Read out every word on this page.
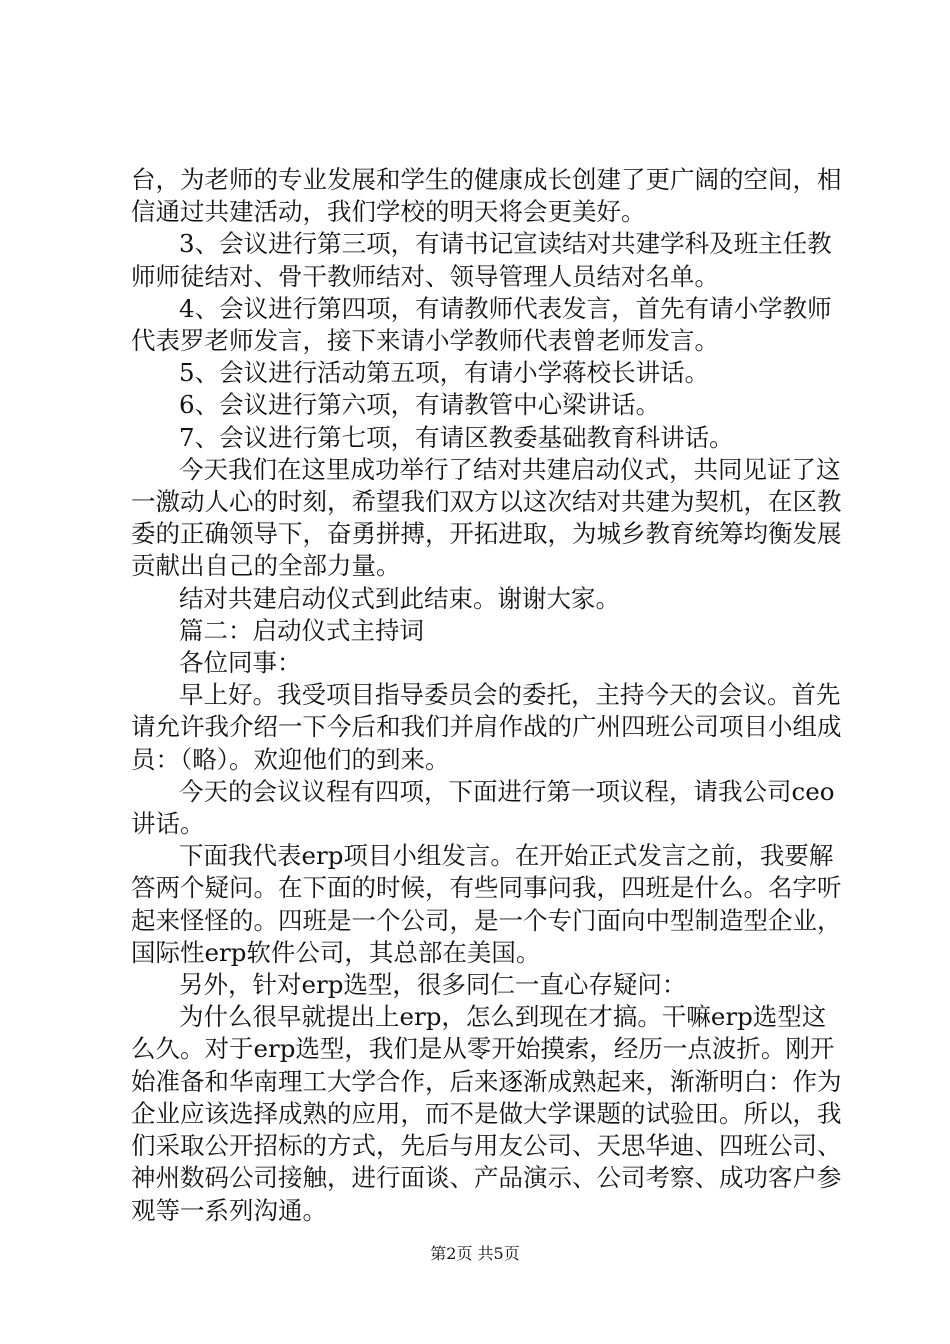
台，为老师的专业发展和学生的健康成长创建了更广阔的空间，相信通过共建活动，我们学校的明天将会更美好。

3、会议进行第三项，有请书记宣读结对共建学科及班主任教师师徒结对、骨干教师结对、领导管理人员结对名单。

4、会议进行第四项，有请教师代表发言，首先有请小学教师代表罗老师发言，接下来请小学教师代表曾老师发言。

5、会议进行活动第五项，有请小学蒋校长讲话。

6、会议进行第六项，有请教管中心梁讲话。

7、会议进行第七项，有请区教委基础教育科讲话。

今天我们在这里成功举行了结对共建启动仪式，共同见证了这一激动人心的时刻，希望我们双方以这次结对共建为契机，在区教委的正确领导下，奋勇拼搏，开拓进取，为城乡教育统筹均衡发展贡献出自己的全部力量。

结对共建启动仪式到此结束。谢谢大家。

篇二：启动仪式主持词

各位同事：

早上好。我受项目指导委员会的委托，主持今天的会议。首先请允许我介绍一下今后和我们并肩作战的广州四班公司项目小组成员：（略）。欢迎他们的到来。

今天的会议议程有四项，下面进行第一项议程，请我公司ceo讲话。

下面我代表erp项目小组发言。在开始正式发言之前，我要解答两个疑问。在下面的时候，有些同事问我，四班是什么。名字听起来怪怪的。四班是一个公司，是一个专门面向中型制造型企业，国际性erp软件公司，其总部在美国。

另外，针对erp选型，很多同仁一直心存疑问：

为什么很早就提出上erp，怎么到现在才搞。干嘛erp选型这么久。对于erp选型，我们是从零开始摸索，经历一点波折。刚开始准备和华南理工大学合作，后来逐渐成熟起来，渐渐明白：作为企业应该选择成熟的应用，而不是做大学课题的试验田。所以，我们采取公开招标的方式，先后与用友公司、天思华迪、四班公司、神州数码公司接触，进行面谈、产品演示、公司考察、成功客户参观等一系列沟通。

第2页 共5页
